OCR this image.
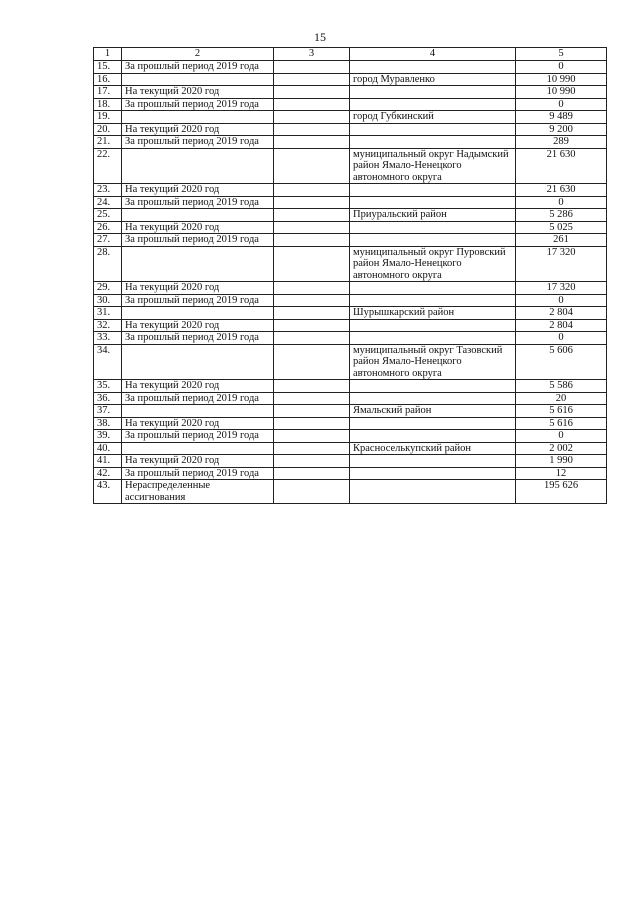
15
1	2	3	4	5
15.	За прошлый период 2019 года			0
16.			город Муравленко	10 990
17.	На текущий 2020 год			10 990
18.	За прошлый период 2019 года			0
19.			город Губкинский	9 489
20.	На текущий 2020 год			9 200
21.	За прошлый период 2019 года			289
22.			муниципальный округ Надымский район Ямало-Ненецкого автономного округа	21 630
23.	На текущий 2020 год			21 630
24.	За прошлый период 2019 года			0
25.			Приуральский район	5 286
26.	На текущий 2020 год			5 025
27.	За прошлый период 2019 года			261
28.			муниципальный округ Пуровский район Ямало-Ненецкого автономного округа	17 320
29.	На текущий 2020 год			17 320
30.	За прошлый период 2019 года			0
31.			Шурышкарский район	2 804
32.	На текущий 2020 год			2 804
33.	За прошлый период 2019 года			0
34.			муниципальный округ Тазовский район Ямало-Ненецкого автономного округа	5 606
35.	На текущий 2020 год			5 586
36.	За прошлый период 2019 года			20
37.			Ямальский район	5 616
38.	На текущий 2020 год			5 616
39.	За прошлый период 2019 года			0
40.			Красноселькупский район	2 002
41.	На текущий 2020 год			1 990
42.	За прошлый период 2019 года			12
43.	Нераспределенные ассигнования			195 626
